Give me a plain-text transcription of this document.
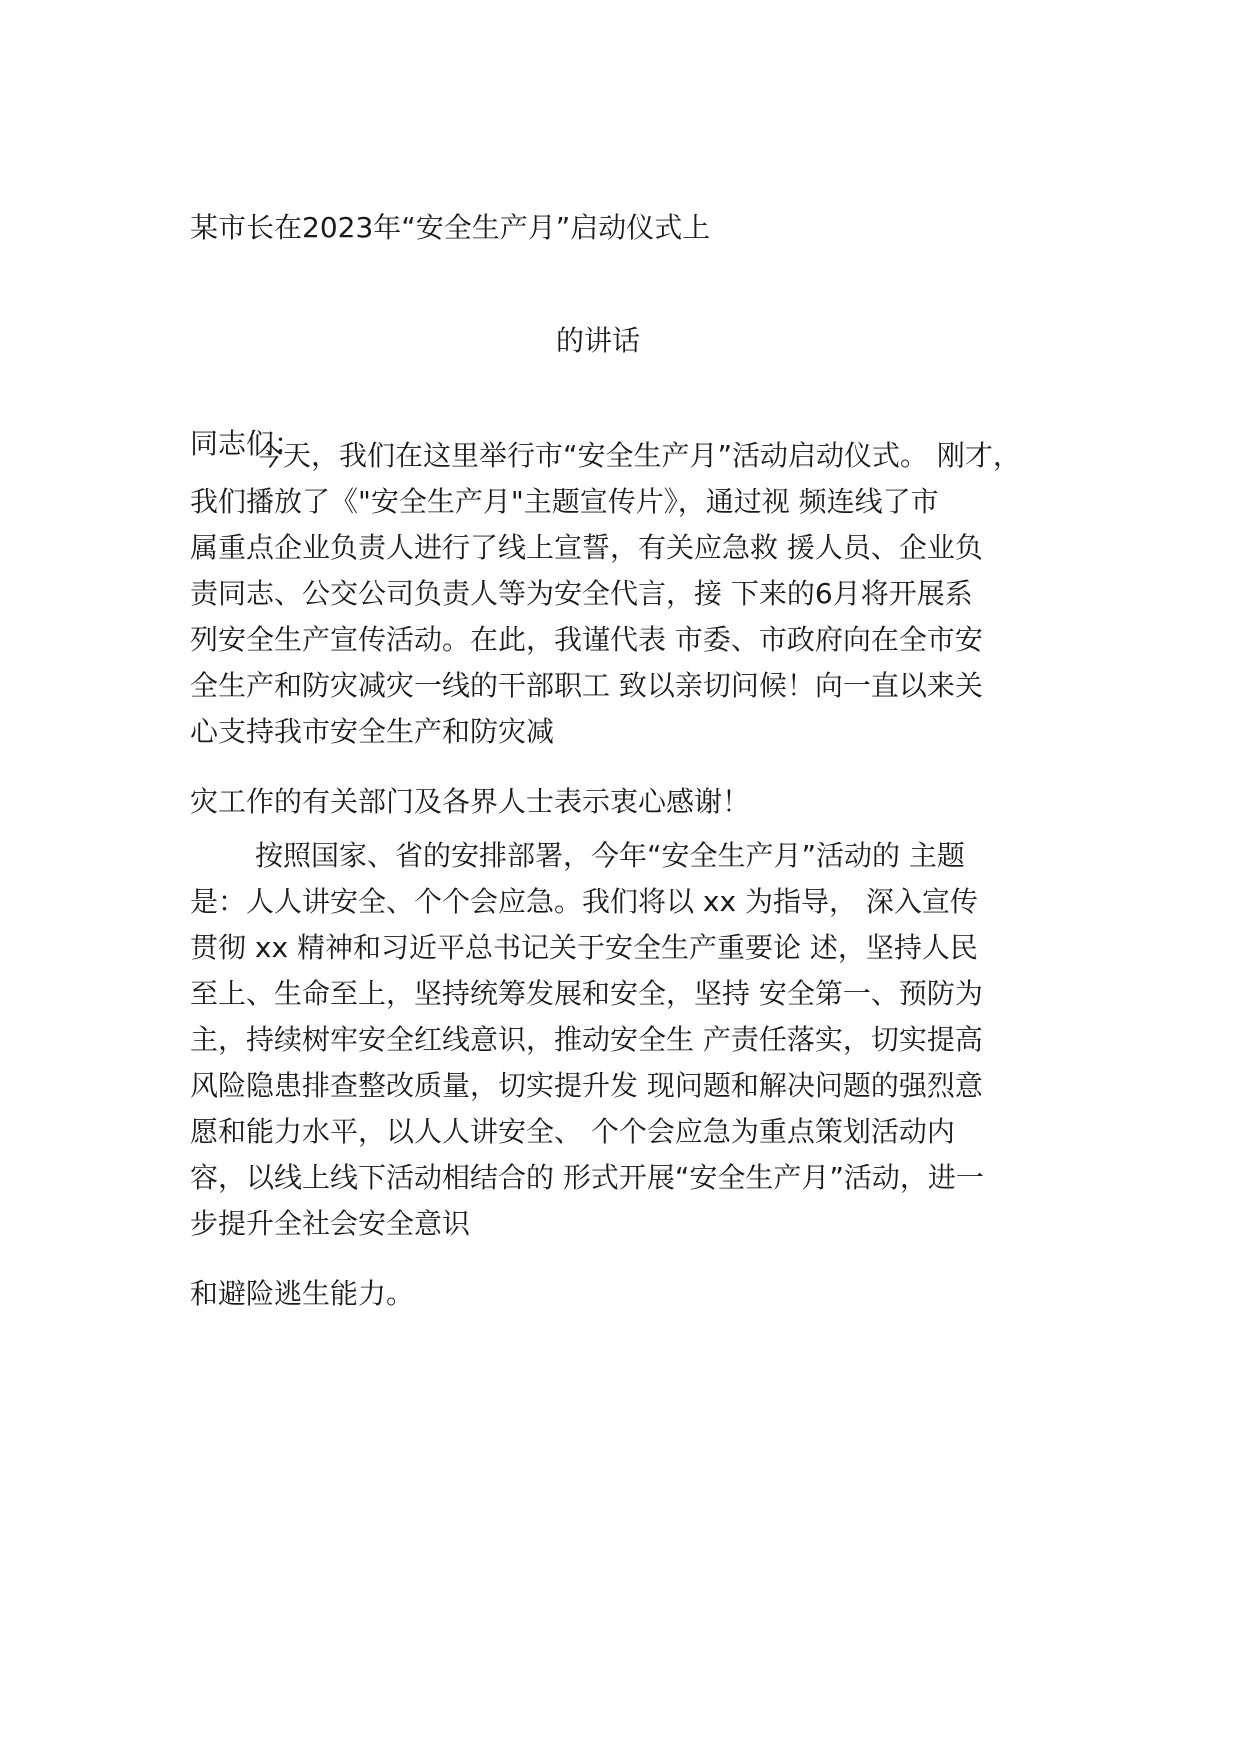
某市长在2023年“安全生产月”启动仪式上
的讲话
同志们：
今天，我们在这里举行市“安全生产月”活动启动仪式。 刚才，
我们播放了《"安全生产月"主题宣传片》，通过视 频连线了市
属重点企业负责人进行了线上宣誓，有关应急救 援人员、企业负
责同志、公交公司负责人等为安全代言，接 下来的6月将开展系
列安全生产宣传活动。在此，我谨代表 市委、市政府向在全市安
全生产和防灾减灾一线的干部职工 致以亲切问候！向一直以来关
心支持我市安全生产和防灾减
灾工作的有关部门及各界人士表示衷心感谢！
按照国家、省的安排部署，今年“安全生产月”活动的 主题
是：人人讲安全、个个会应急。我们将以 xx 为指导， 深入宣传
贯彻 xx 精神和习近平总书记关于安全生产重要论 述，坚持人民
至上、生命至上，坚持统筹发展和安全，坚持 安全第一、预防为
主，持续树牢安全红线意识，推动安全生 产责任落实，切实提高
风险隐患排查整改质量，切实提升发 现问题和解决问题的强烈意
愿和能力水平，以人人讲安全、 个个会应急为重点策划活动内
容，以线上线下活动相结合的 形式开展“安全生产月”活动，进一
步提升全社会安全意识
和避险逃生能力。
